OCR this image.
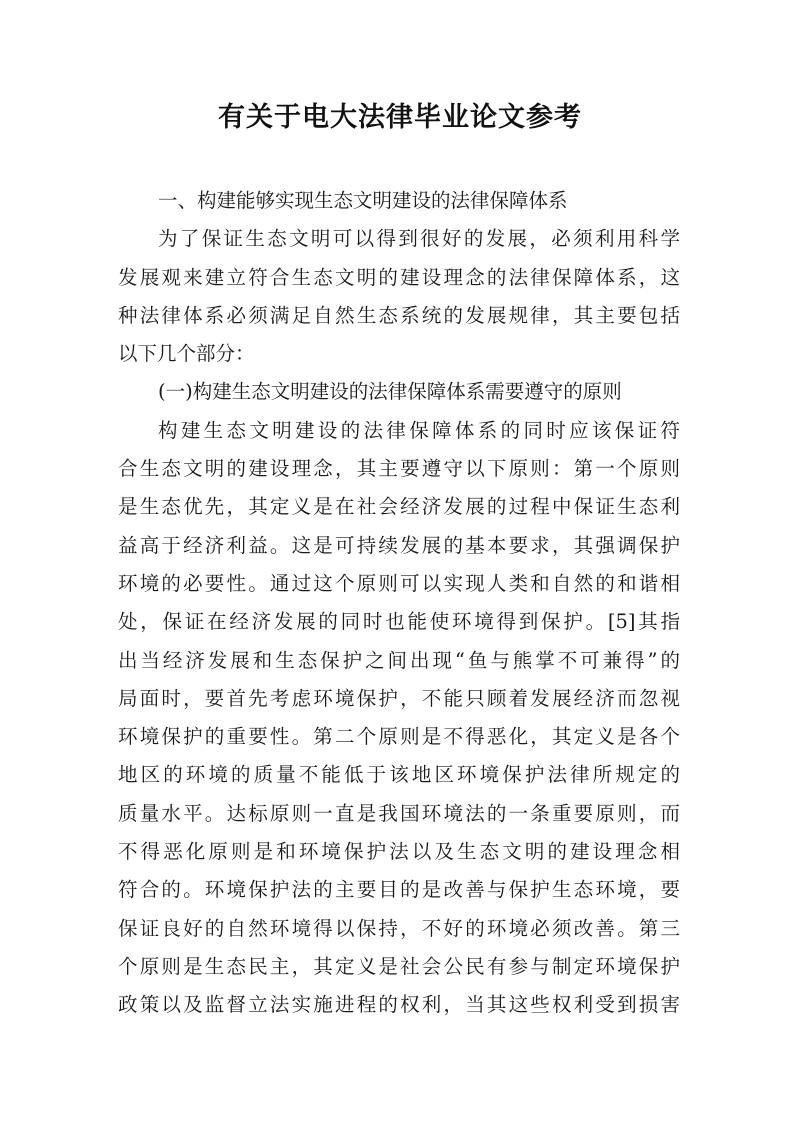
有关于电大法律毕业论文参考
一、构建能够实现生态文明建设的法律保障体系
为了保证生态文明可以得到很好的发展，必须利用科学
发展观来建立符合生态文明的建设理念的法律保障体系，这
种法律体系必须满足自然生态系统的发展规律，其主要包括
以下几个部分：
(一)构建生态文明建设的法律保障体系需要遵守的原则
构建生态文明建设的法律保障体系的同时应该保证符
合生态文明的建设理念，其主要遵守以下原则：第一个原则
是生态优先，其定义是在社会经济发展的过程中保证生态利
益高于经济利益。这是可持续发展的基本要求，其强调保护
环境的必要性。通过这个原则可以实现人类和自然的和谐相
处，保证在经济发展的同时也能使环境得到保护。[5]其指
出当经济发展和生态保护之间出现“鱼与熊掌不可兼得”的
局面时，要首先考虑环境保护，不能只顾着发展经济而忽视
环境保护的重要性。第二个原则是不得恶化，其定义是各个
地区的环境的质量不能低于该地区环境保护法律所规定的
质量水平。达标原则一直是我国环境法的一条重要原则，而
不得恶化原则是和环境保护法以及生态文明的建设理念相
符合的。环境保护法的主要目的是改善与保护生态环境，要
保证良好的自然环境得以保持，不好的环境必须改善。第三
个原则是生态民主，其定义是社会公民有参与制定环境保护
政策以及监督立法实施进程的权利，当其这些权利受到损害
